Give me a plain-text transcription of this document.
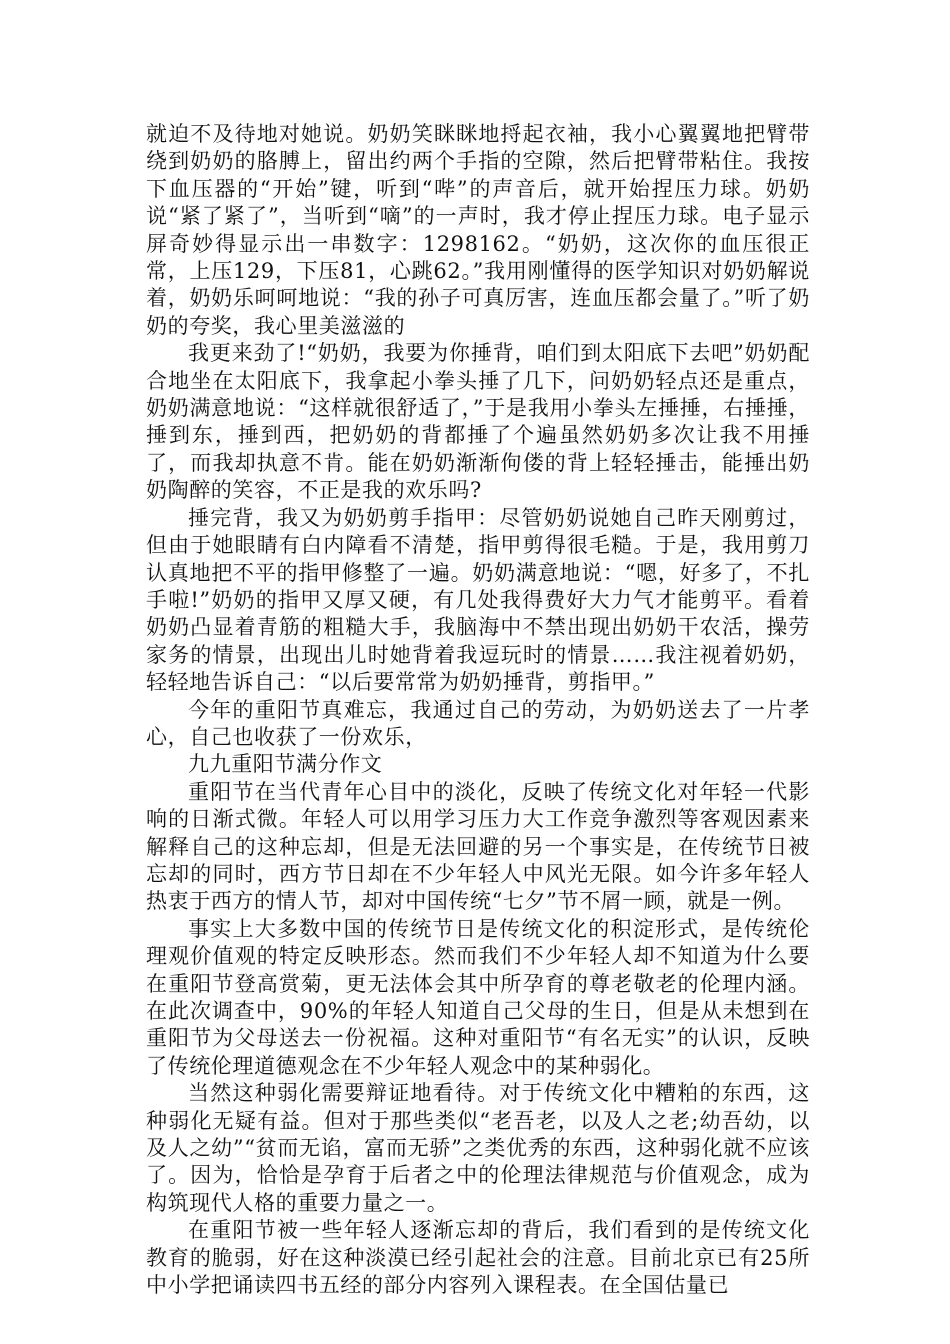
就迫不及待地对她说。奶奶笑眯眯地捋起衣袖，我小心翼翼地把臂带绕到奶奶的胳膊上，留出约两个手指的空隙，然后把臂带粘住。我按下血压器的“开始”键，听到“哔”的声音后，就开始捏压力球。奶奶说“紧了紧了”，当听到“嘀”的一声时，我才停止捏压力球。电子显示屏奇妙得显示出一串数字：1298162。“奶奶，这次你的血压很正常，上压129，下压81，心跳62。”我用刚懂得的医学知识对奶奶解说着，奶奶乐呵呵地说：“我的孙子可真厉害，连血压都会量了。”听了奶奶的夸奖，我心里美滋滋的

我更来劲了!“奶奶，我要为你捶背，咱们到太阳底下去吧”奶奶配合地坐在太阳底下，我拿起小拳头捶了几下，问奶奶轻点还是重点，奶奶满意地说：“这样就很舒适了，”于是我用小拳头左捶捶，右捶捶，捶到东，捶到西，把奶奶的背都捶了个遍虽然奶奶多次让我不用捶了，而我却执意不肯。能在奶奶渐渐佝偻的背上轻轻捶击，能捶出奶奶陶醉的笑容，不正是我的欢乐吗?

捶完背，我又为奶奶剪手指甲：尽管奶奶说她自己昨天刚剪过，但由于她眼睛有白内障看不清楚，指甲剪得很毛糙。于是，我用剪刀认真地把不平的指甲修整了一遍。奶奶满意地说：“嗯，好多了，不扎手啦!”奶奶的指甲又厚又硬，有几处我得费好大力气才能剪平。看着奶奶凸显着青筋的粗糙大手，我脑海中不禁出现出奶奶干农活，操劳家务的情景，出现出儿时她背着我逗玩时的情景……我注视着奶奶，轻轻地告诉自己：“以后要常常为奶奶捶背，剪指甲。”

今年的重阳节真难忘，我通过自己的劳动，为奶奶送去了一片孝心，自己也收获了一份欢乐，

九九重阳节满分作文

重阳节在当代青年心目中的淡化，反映了传统文化对年轻一代影响的日渐式微。年轻人可以用学习压力大工作竞争激烈等客观因素来解释自己的这种忘却，但是无法回避的另一个事实是，在传统节日被忘却的同时，西方节日却在不少年轻人中风光无限。如今许多年轻人热衷于西方的情人节，却对中国传统“七夕”节不屑一顾，就是一例。

事实上大多数中国的传统节日是传统文化的积淀形式，是传统伦理观价值观的特定反映形态。然而我们不少年轻人却不知道为什么要在重阳节登高赏菊，更无法体会其中所孕育的尊老敬老的伦理内涵。在此次调查中，90%的年轻人知道自己父母的生日，但是从未想到在重阳节为父母送去一份祝福。这种对重阳节“有名无实”的认识，反映了传统伦理道德观念在不少年轻人观念中的某种弱化。

当然这种弱化需要辩证地看待。对于传统文化中糟粕的东西，这种弱化无疑有益。但对于那些类似“老吾老，以及人之老;幼吾幼，以及人之幼”“贫而无谄，富而无骄”之类优秀的东西，这种弱化就不应该了。因为，恰恰是孕育于后者之中的伦理法律规范与价值观念，成为构筑现代人格的重要力量之一。

在重阳节被一些年轻人逐渐忘却的背后，我们看到的是传统文化教育的脆弱，好在这种淡漠已经引起社会的注意。目前北京已有25所中小学把诵读四书五经的部分内容列入课程表。在全国估量已
